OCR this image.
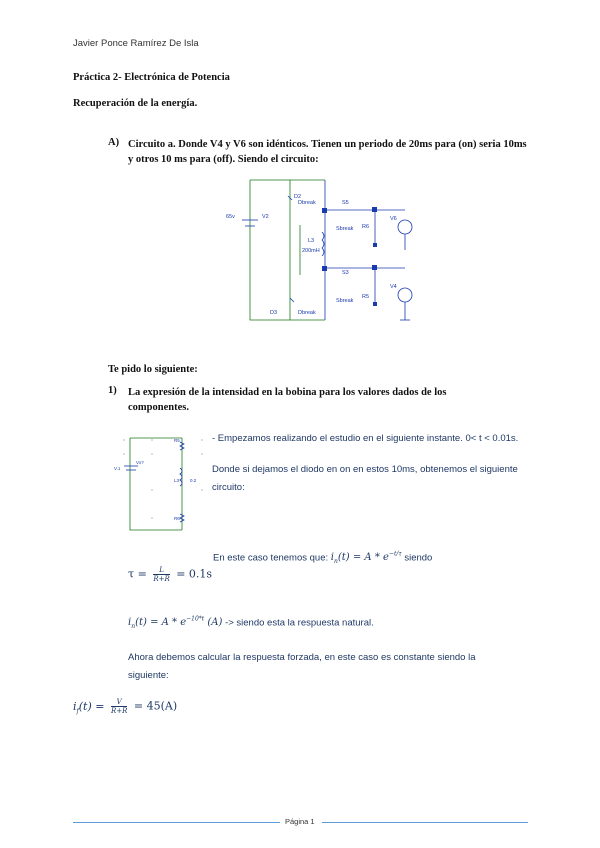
Javier Ponce Ramírez De Isla
Práctica 2- Electrónica de Potencia
Recuperación de la energía.
A) Circuito a. Donde V4 y V6 son idénticos. Tienen un periodo de 20ms para (on) seria 10ms y otros 10 ms para (off). Siendo el circuito:
D2
Dbreak
65v	V2
S5
Sbreak
V6
R6
L3
200mH
S3
Sbreak
R5
V4
D3	Dbreak
Te pido lo siguiente:
1) La expresión de la intensidad en la bobina para los valores dados de los componentes.
V.1
Vx?
R5
L3 0.2
R6
- Empezamos realizando el estudio en el siguiente instante. 0< t < 0.01s.
Donde si dejamos el diodo en on en estos 10ms, obtenemos el siguiente circuito:
En este caso tenemos que: $i_n(t) = A * e^{-t/\tau}$ siendo
$\tau = \frac{L}{R+R} = 0.1s$
$i_n(t) = A * e^{-10*t}$ (A) -> siendo esta la respuesta natural.
Ahora debemos calcular la respuesta forzada, en este caso es constante siendo la siguiente:
$i_f(t) = \frac{V}{R+R} = 45(A)$
Página 1
